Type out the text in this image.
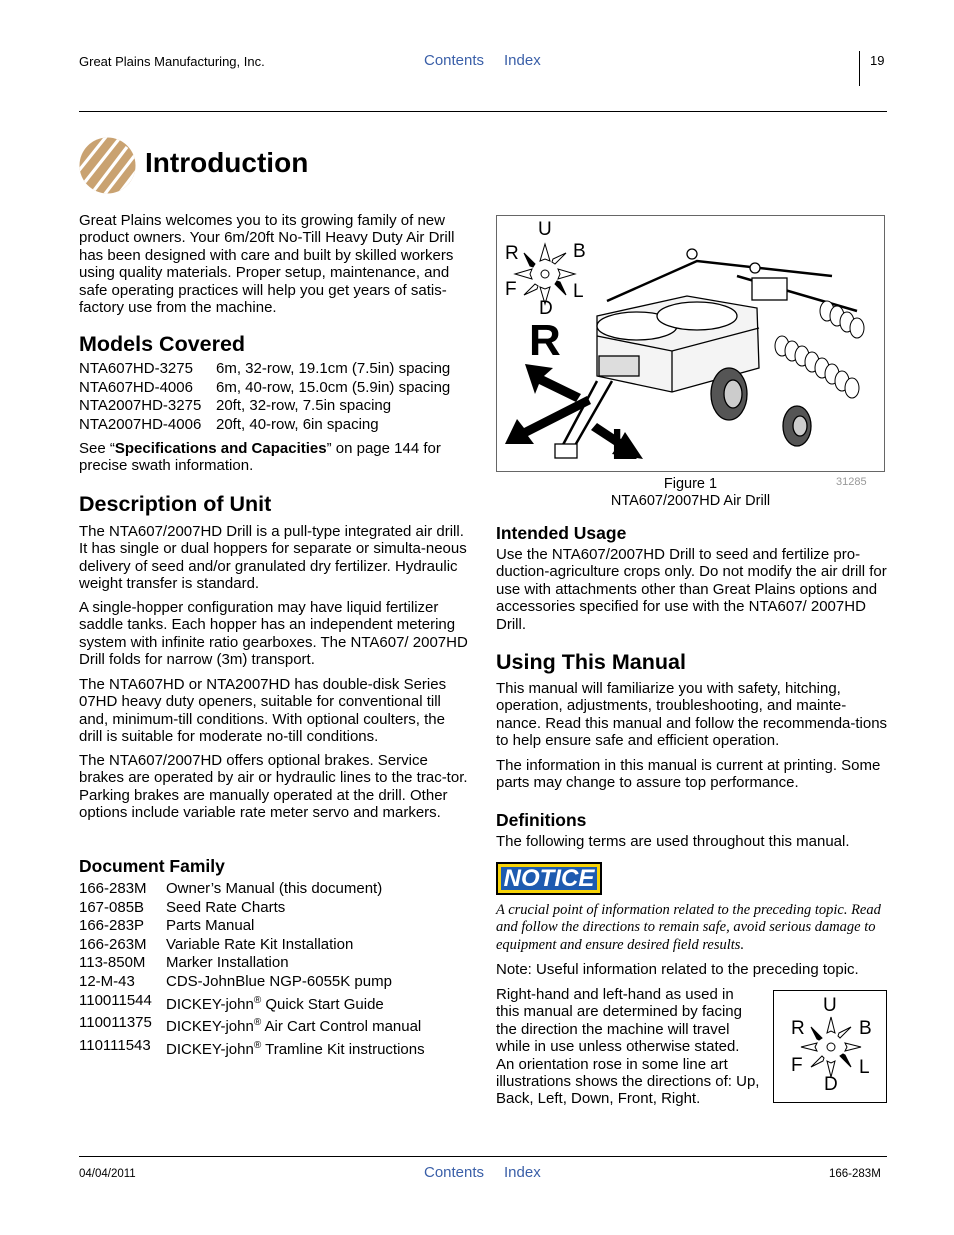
Great Plains Manufacturing, Inc.	Contents Index	19
Introduction
Great Plains welcomes you to its growing family of new product owners. Your 6m/20ft No-Till Heavy Duty Air Drill has been designed with care and built by skilled workers using quality materials. Proper setup, maintenance, and safe operating practices will help you get years of satis-factory use from the machine.
Models Covered
NTA607HD-3275	6m, 32-row, 19.1cm (7.5in) spacing
NTA607HD-4006	6m, 40-row, 15.0cm (5.9in) spacing
NTA2007HD-3275 20ft, 32-row, 7.5in spacing
NTA2007HD-4006 20ft, 40-row, 6in spacing
See “Specifications and Capacities” on page 144 for precise swath information.
Description of Unit
The NTA607/2007HD Drill is a pull-type integrated air drill. It has single or dual hoppers for separate or simulta-neous delivery of seed and/or granulated dry fertilizer. Hydraulic weight transfer is standard.
A single-hopper configuration may have liquid fertilizer saddle tanks. Each hopper has an independent metering system with infinite ratio gearboxes. The NTA607/ 2007HD Drill folds for narrow (3m) transport.
The NTA607HD or NTA2007HD has double-disk Series 07HD heavy duty openers, suitable for conventional till and, minimum-till conditions. With optional coulters, the drill is suitable for moderate no-till conditions.
The NTA607/2007HD offers optional brakes. Service brakes are operated by air or hydraulic lines to the trac-tor. Parking brakes are manually operated at the drill. Other options include variable rate meter servo and markers.
Document Family
166-283M	Owner’s Manual (this document)
167-085B	Seed Rate Charts
166-283P	Parts Manual
166-263M	Variable Rate Kit Installation
113-850M	Marker Installation
12-M-43	CDS-JohnBlue NGP-6055K pump
110011544 DICKEY-john® Quick Start Guide
110011375 DICKEY-john® Air Cart Control manual
110111543	DICKEY-john® Tramline Kit instructions
U
R	B
F	L
D
R
L
Figure 1
NTA607/2007HD Air Drill
31285
Intended Usage
Use the NTA607/2007HD Drill to seed and fertilize pro-duction-agriculture crops only. Do not modify the air drill for use with attachments other than Great Plains options and accessories specified for use with the NTA607/ 2007HD Drill.
Using This Manual
This manual will familiarize you with safety, hitching, operation, adjustments, troubleshooting, and mainte-nance. Read this manual and follow the recommenda-tions to help ensure safe and efficient operation.
The information in this manual is current at printing. Some parts may change to assure top performance.
Definitions
The following terms are used throughout this manual.
NOTICE
A crucial point of information related to the preceding topic. Read and follow the directions to remain safe, avoid serious damage to equipment and ensure desired field results.
Note: Useful information related to the preceding topic.
Right-hand and left-hand as used in this manual are determined by facing the direction the machine will travel while in use unless otherwise stated. An orientation rose in some line art illustrations shows the directions of: Up, Back, Left, Down, Front, Right.
U
R	B
F	L
D
04/04/2011	Contents Index	166-283M
